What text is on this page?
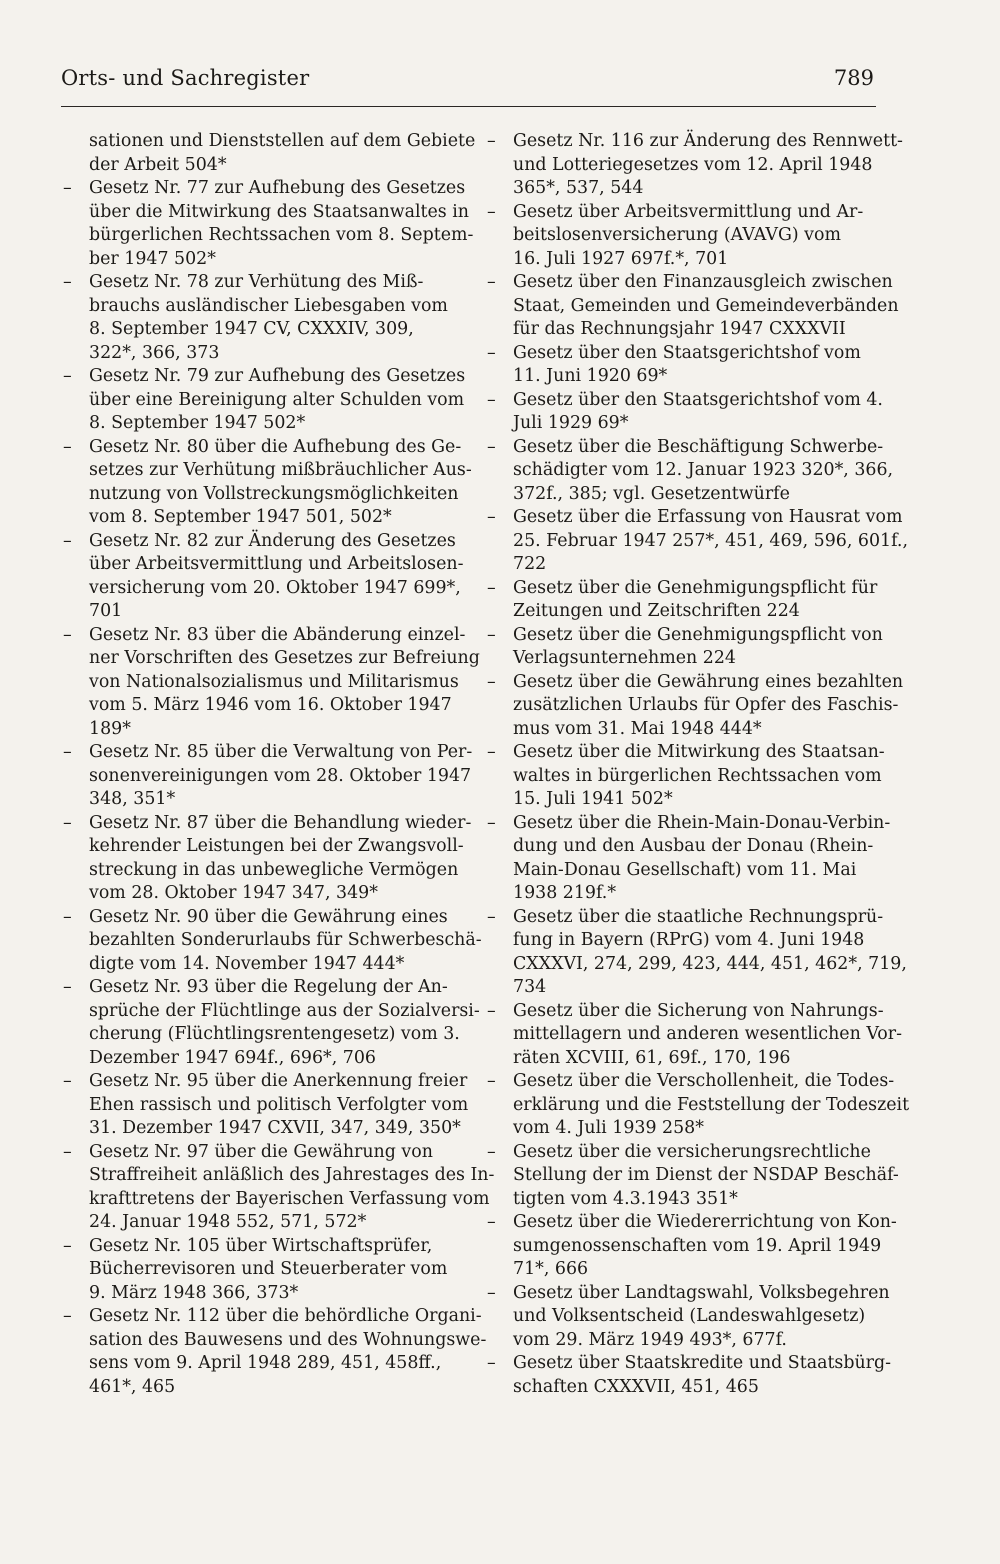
Orts- und Sachregister	789
sationen und Dienststellen auf dem Gebiete
der Arbeit 504*
– Gesetz Nr. 77 zur Aufhebung des Gesetzes
über die Mitwirkung des Staatsanwaltes in
bürgerlichen Rechtssachen vom 8. Septem-
ber 1947 502*
– Gesetz Nr. 78 zur Verhütung des Miß-
brauchs ausländischer Liebesgaben vom
8. September 1947 CV, CXXXIV, 309,
322*, 366, 373
– Gesetz Nr. 79 zur Aufhebung des Gesetzes
über eine Bereinigung alter Schulden vom
8. September 1947 502*
– Gesetz Nr. 80 über die Aufhebung des Ge-
setzes zur Verhütung mißbräuchlicher Aus-
nutzung von Vollstreckungsmöglichkeiten
vom 8. September 1947 501, 502*
– Gesetz Nr. 82 zur Änderung des Gesetzes
über Arbeitsvermittlung und Arbeitslosen-
versicherung vom 20. Oktober 1947 699*,
701
– Gesetz Nr. 83 über die Abänderung einzel-
ner Vorschriften des Gesetzes zur Befreiung
von Nationalsozialismus und Militarismus
vom 5. März 1946 vom 16. Oktober 1947
189*
– Gesetz Nr. 85 über die Verwaltung von Per-
sonenvereinigungen vom 28. Oktober 1947
348, 351*
– Gesetz Nr. 87 über die Behandlung wieder-
kehrender Leistungen bei der Zwangsvoll-
streckung in das unbewegliche Vermögen
vom 28. Oktober 1947 347, 349*
– Gesetz Nr. 90 über die Gewährung eines
bezahlten Sonderurlaubs für Schwerbeschä-
digte vom 14. November 1947 444*
– Gesetz Nr. 93 über die Regelung der An-
sprüche der Flüchtlinge aus der Sozialversi-
cherung (Flüchtlingsrentengesetz) vom 3.
Dezember 1947 694f., 696*, 706
– Gesetz Nr. 95 über die Anerkennung freier
Ehen rassisch und politisch Verfolgter vom
31. Dezember 1947 CXVII, 347, 349, 350*
– Gesetz Nr. 97 über die Gewährung von
Straffreiheit anläßlich des Jahrestages des In-
krafttretens der Bayerischen Verfassung vom
24. Januar 1948 552, 571, 572*
– Gesetz Nr. 105 über Wirtschaftsprüfer,
Bücherrevisoren und Steuerberater vom
9. März 1948 366, 373*
– Gesetz Nr. 112 über die behördliche Organi-
sation des Bauwesens und des Wohnungswe-
sens vom 9. April 1948 289, 451, 458ff.,
461*, 465
– Gesetz Nr. 116 zur Änderung des Rennwett-
und Lotteriegesetzes vom 12. April 1948
365*, 537, 544
– Gesetz über Arbeitsvermittlung und Ar-
beitslosenversicherung (AVAVG) vom
16. Juli 1927 697f.*, 701
– Gesetz über den Finanzausgleich zwischen
Staat, Gemeinden und Gemeindeverbänden
für das Rechnungsjahr 1947 CXXXVII
– Gesetz über den Staatsgerichtshof vom
11. Juni 1920 69*
– Gesetz über den Staatsgerichtshof vom 4.
Juli 1929 69*
– Gesetz über die Beschäftigung Schwerbe-
schädigter vom 12. Januar 1923 320*, 366,
372f., 385; vgl. Gesetzentwürfe
– Gesetz über die Erfassung von Hausrat vom
25. Februar 1947 257*, 451, 469, 596, 601f.,
722
– Gesetz über die Genehmigungspflicht für
Zeitungen und Zeitschriften 224
– Gesetz über die Genehmigungspflicht von
Verlagsunternehmen 224
– Gesetz über die Gewährung eines bezahlten
zusätzlichen Urlaubs für Opfer des Faschis-
mus vom 31. Mai 1948 444*
– Gesetz über die Mitwirkung des Staatsan-
waltes in bürgerlichen Rechtssachen vom
15. Juli 1941 502*
– Gesetz über die Rhein-Main-Donau-Verbin-
dung und den Ausbau der Donau (Rhein-
Main-Donau Gesellschaft) vom 11. Mai
1938 219f.*
– Gesetz über die staatliche Rechnungsprü-
fung in Bayern (RPrG) vom 4. Juni 1948
CXXXVI, 274, 299, 423, 444, 451, 462*, 719,
734
– Gesetz über die Sicherung von Nahrungs-
mittellagern und anderen wesentlichen Vor-
räten XCVIII, 61, 69f., 170, 196
– Gesetz über die Verschollenheit, die Todes-
erklärung und die Feststellung der Todeszeit
vom 4. Juli 1939 258*
– Gesetz über die versicherungsrechtliche
Stellung der im Dienst der NSDAP Beschäf-
tigten vom 4.3.1943 351*
– Gesetz über die Wiedererrichtung von Kon-
sumgenossenschaften vom 19. April 1949
71*, 666
– Gesetz über Landtagswahl, Volksbegehren
und Volksentscheid (Landeswahlgesetz)
vom 29. März 1949 493*, 677f.
– Gesetz über Staatskredite und Staatsbürg-
schaften CXXXVII, 451, 465
